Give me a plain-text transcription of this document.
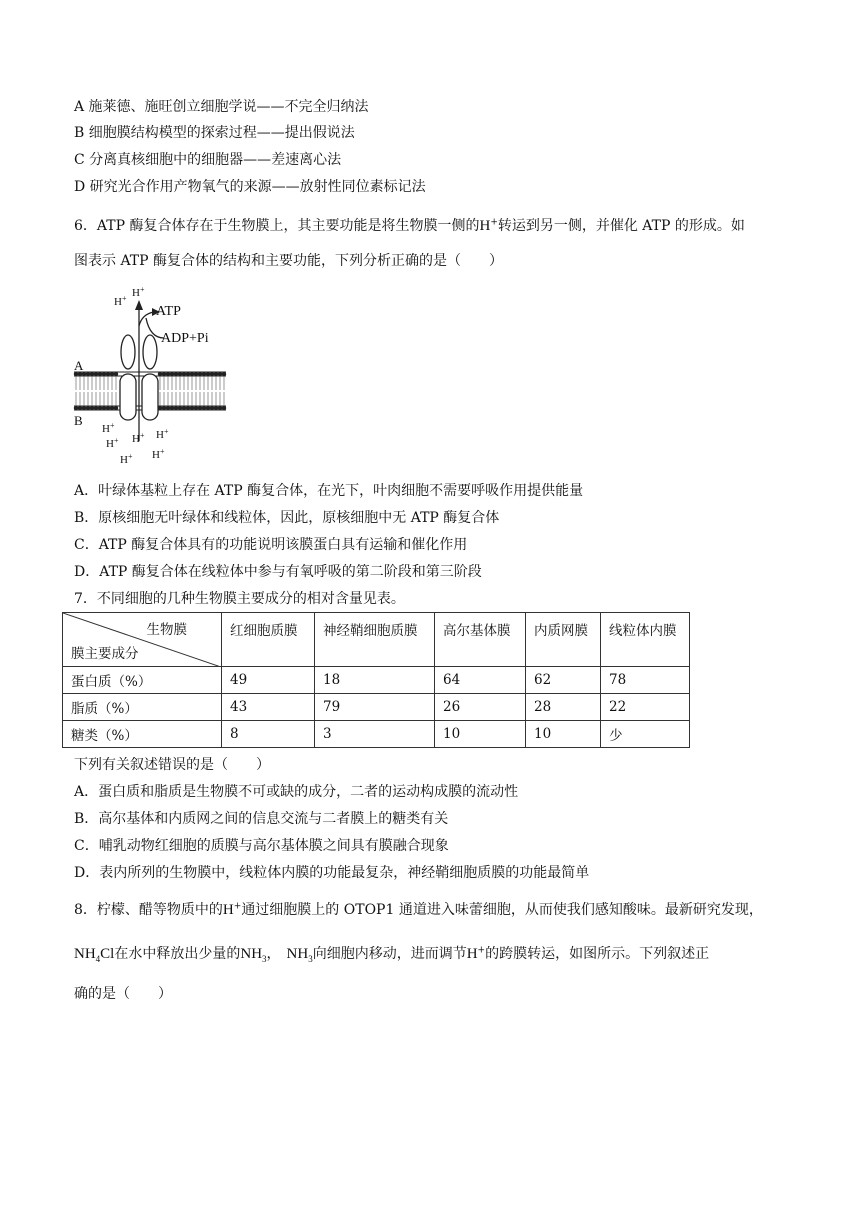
A 施莱德、施旺创立细胞学说——不完全归纳法
B 细胞膜结构模型的探索过程——提出假说法
C 分离真核细胞中的细胞器——差速离心法
D 研究光合作用产物氧气的来源——放射性同位素标记法
6．ATP 酶复合体存在于生物膜上，其主要功能是将生物膜一侧的H+转运到另一侧，并催化 ATP 的形成。如
图表示 ATP 酶复合体的结构和主要功能，下列分析正确的是（　　）
ATP
ADP+Pi
A
B
H +
H +
H +
H + H + H +
H + H +
A．叶绿体基粒上存在 ATP 酶复合体，在光下，叶肉细胞不需要呼吸作用提供能量
B．原核细胞无叶绿体和线粒体，因此，原核细胞中无 ATP 酶复合体
C．ATP 酶复合体具有的功能说明该膜蛋白具有运输和催化作用
D．ATP 酶复合体在线粒体中参与有氧呼吸的第二阶段和第三阶段
7．不同细胞的几种生物膜主要成分的相对含量见表。
生物膜
膜主要成分	红细胞质膜	神经鞘细胞质膜	高尔基体膜	内质网膜	线粒体内膜
蛋白质（%）	49	18	64	62	78
脂质（%）	43	79	26	28	22
糖类（%）	8	3	10	10	少
下列有关叙述错误的是（　　）
A．蛋白质和脂质是生物膜不可或缺的成分，二者的运动构成膜的流动性
B．高尔基体和内质网之间的信息交流与二者膜上的糖类有关
C．哺乳动物红细胞的质膜与高尔基体膜之间具有膜融合现象
D．表内所列的生物膜中，线粒体内膜的功能最复杂，神经鞘细胞质膜的功能最简单
8．柠檬、醋等物质中的H+通过细胞膜上的 OTOP1 通道进入味蕾细胞，从而使我们感知酸味。最新研究发现，
$NH_4Cl$在水中释放出少量的$NH_3$， $NH_3$向细胞内移动，进而调节H+的跨膜转运，如图所示。下列叙述正
确的是（　　）
